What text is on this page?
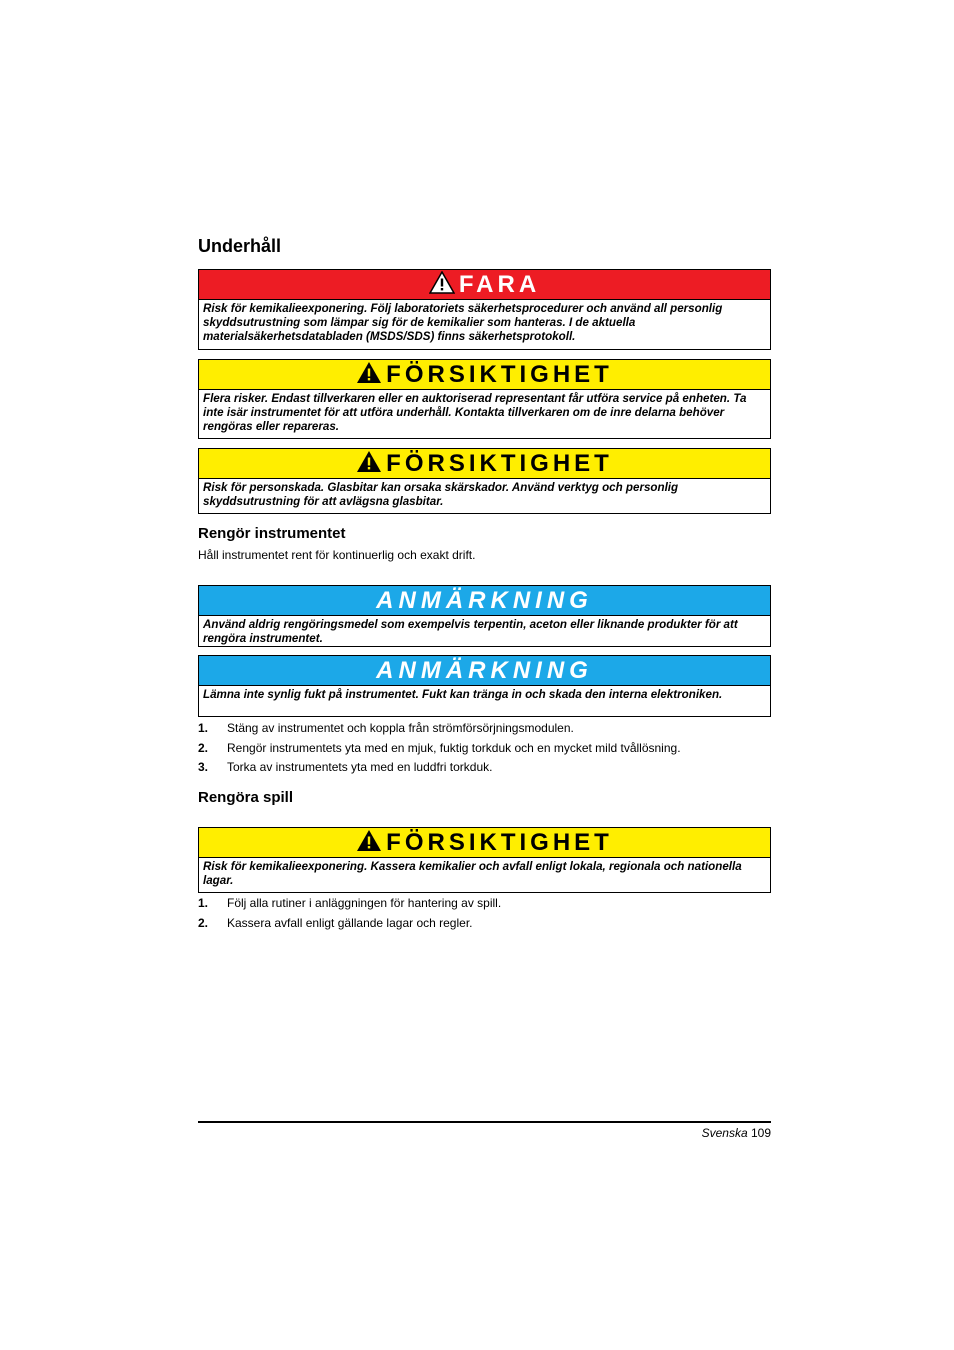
Underhåll
FARA
Risk för kemikalieexponering. Följ laboratoriets säkerhetsprocedurer och använd all personlig skyddsutrustning som lämpar sig för de kemikalier som hanteras. I de aktuella materialsäkerhetsdatabladen (MSDS/SDS) finns säkerhetsprotokoll.
FÖRSIKTIGHET
Flera risker. Endast tillverkaren eller en auktoriserad representant får utföra service på enheten. Ta inte isär instrumentet för att utföra underhåll. Kontakta tillverkaren om de inre delarna behöver rengöras eller repareras.
FÖRSIKTIGHET
Risk för personskada. Glasbitar kan orsaka skärskador. Använd verktyg och personlig skyddsutrustning för att avlägsna glasbitar.
Rengör instrumentet

Håll instrumentet rent för kontinuerlig och exakt drift.

ANMÄRKNING
Använd aldrig rengöringsmedel som exempelvis terpentin, aceton eller liknande produkter för att rengöra instrumentet.
ANMÄRKNING
Lämna inte synlig fukt på instrumentet. Fukt kan tränga in och skada den interna elektroniken.
1. Stäng av instrumentet och koppla från strömförsörjningsmodulen.
2. Rengör instrumentets yta med en mjuk, fuktig torkduk och en mycket mild tvållösning.
3. Torka av instrumentets yta med en luddfri torkduk.
Rengöra spill
FÖRSIKTIGHET
Risk för kemikalieexponering. Kassera kemikalier och avfall enligt lokala, regionala och nationella lagar.
1. Följ alla rutiner i anläggningen för hantering av spill.
2. Kassera avfall enligt gällande lagar och regler.
Svenska 109
